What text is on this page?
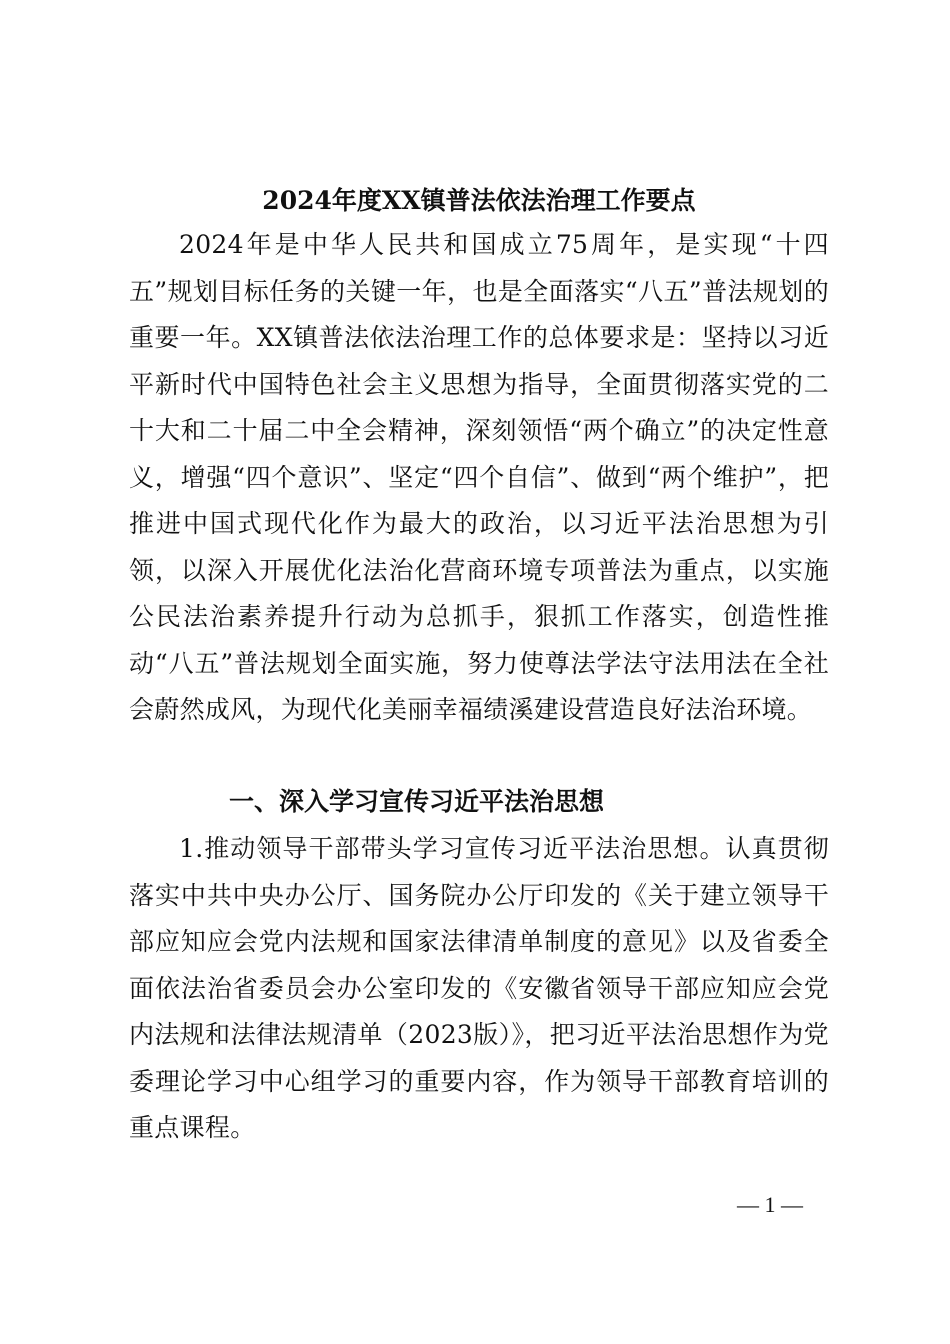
2024年度XX镇普法依法治理工作要点

2024年是中华人民共和国成立75周年，是实现“十四五”规划目标任务的关键一年，也是全面落实“八五”普法规划的重要一年。XX镇普法依法治理工作的总体要求是：坚持以习近平新时代中国特色社会主义思想为指导，全面贯彻落实党的二十大和二十届二中全会精神，深刻领悟“两个确立”的决定性意义，增强“四个意识”、坚定“四个自信”、做到“两个维护”，把推进中国式现代化作为最大的政治，以习近平法治思想为引领，以深入开展优化法治化营商环境专项普法为重点，以实施公民法治素养提升行动为总抓手，狠抓工作落实，创造性推动“八五”普法规划全面实施，努力使尊法学法守法用法在全社会蔚然成风，为现代化美丽幸福绩溪建设营造良好法治环境。

一、深入学习宣传习近平法治思想

1.推动领导干部带头学习宣传习近平法治思想。认真贯彻落实中共中央办公厅、国务院办公厅印发的《关于建立领导干部应知应会党内法规和国家法律清单制度的意见》以及省委全面依法治省委员会办公室印发的《安徽省领导干部应知应会党内法规和法律法规清单（2023版）》，把习近平法治思想作为党委理论学习中心组学习的重要内容，作为领导干部教育培训的重点课程。

— 1 —
